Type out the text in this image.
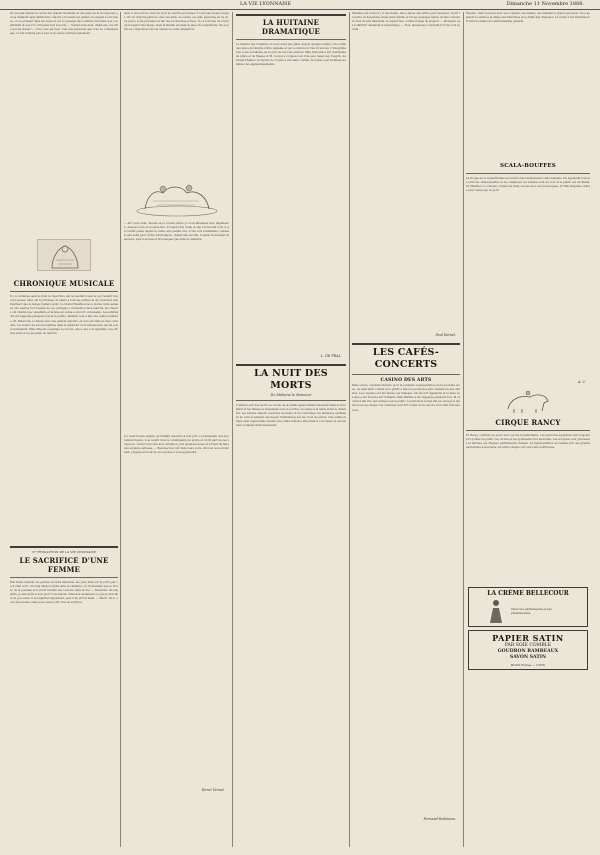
LA VIE LYONNAISE	Dimanche 11 Novembre 1888.
On pouvait diviser le cercle des grands mondains et des gens de la bourgeoisie qui se mêlaient sans distinction; chacun y trouvait son plaisir, on causait à voix basse, on se pressait dans les loges et sur le passage des toilettes nouvelles que l'on admirait et que l'on critiquait tout à la fois. — Voulez-vous bien, disait-elle, me dire qui est là-bas? — Il ne vous est rien, c'est une personne que vous ne connaissez pas. Le bal s'anima peu à peu et la soirée s'acheva gaiement.
CHRONIQUE MUSICALE
Il y a certaines œuvres dont le répertoire qui ne saurait s'user et qui restent toujours jeunes; elles ont le privilège de plaire à tous les publics et de conserver une fraîcheur que le temps n'altère point. Le Grand-Théâtre nous a donné cette semaine une reprise fort soignée de ces ouvrages, l'orchestre a bien marché, les chœurs ont chanté avec ensemble et la mise en scène a été fort convenable. Les artistes ont été rappelés plusieurs fois et le public, satisfait, leur a fait une ovation méritée. M. Delaroche a chanté avec une grande autorité, sa voix est belle et bien conduite; il a obtenu un succès légitime dans le grand air du troisième acte qui lui a été redemandé. Mme Huguet a partagé ce succès, elle a une voix agréable, une diction juste et un jeu plein de naturel.
N° FEUILLETON DE LA VIE LYONNAISE
LE SACRIFICE D'UNE FEMME
Elle avait entendu ces paroles et resta immobile, les yeux fixés sur la porte par où il était sorti. Un long silence régna dans la chambre; on n'entendait que le tic-tac de la pendule et le bruit lointain des voitures dans la rue. — Monsieur, dit-elle enfin, je suis prête à tout pour vous sauver; dites-moi seulement ce que je dois faire et je le ferai. Il la regarda longuement, puis il lui prit la main. — Merci, dit-il, vous êtes bonne, mais je ne veux point d'un tel sacrifice.
midi, il est sorti de chez lui pour se rendre au bureau; il n'est pas revenu depuis. On l'a cherché partout, chez ses amis, au cercle, au café; personne ne l'a vu. La police a été prévenue et fait des recherches actives. Il y a tout lieu de croire qu'il s'agit d'une fugue, mais la famille est dans la plus vive inquiétude. On se perd en conjectures sur les causes de cette disparition.
— Ah! vous voilà, dit-elle en le voyant entrer; je vous attendais avec impatience. Asseyez-vous et écoutez-moi. Il s'assit près d'elle et elle lui raconta tout ce qui s'était passé depuis la veille; elle parlait vite, d'une voix tremblante, comme si elle avait peur d'être interrompue. Quand elle eut fini, il resta un moment silencieux, puis il se leva et fit quelques pas dans la chambre.
Il y avait là une énigme qu'il fallait résoudre à tout prix. Le lendemain, dès la première heure, il se rendit chez le commissaire de police et lui fit part de ses soupçons. Celui-ci l'écouta avec attention, prit quelques notes et promit de faire une enquête sérieuse. — Revenez me voir dans deux jours, dit-il en le reconduisant, j'espère avoir alors du nouveau à vous apprendre.
Henri Vernet.
LA HUITAINE DRAMATIQUE
Le théâtre des Célestins ne nous avait pas gâtés depuis quelque temps; voici enfin une pièce qui mérite d'être signalée et qui a obtenu un très vif succès. L'interprétation a été excellente de la part de tous les artistes; Mlle Dubreuil a été charmante de grâce et de finesse et M. Louvet a composé son rôle avec beaucoup d'esprit. Au Grand-Théâtre, la reprise de l'opéra a fait salle comble; la soirée s'est terminée au milieu des applaudissements.
L. DE PRAL.
LA NUIT DES MORTS
De Mélaine le Bonneur
C'était le soir des morts; la cloche de la vieille église tintait lentement dans le brouillard et les fidèles se pressaient sous le porche, un cierge à la main. Dans le cimetière, les tombes étaient couvertes de fleurs et de couronnes; les lanternes vacillaient au vent et jetaient des lueurs tremblantes sur les croix de pierre. Une vieille femme était agenouillée devant une tombe fraîche; elle priait à voix basse et ses larmes coulaient silencieusement.
Madame est sortie il y a une heure, elle a laissé une lettre pour monsieur. Il prit la lettre, la décacheta d'une main fébrile et lut les quelques lignes qu'elle contenait. Puis il resta immobile, le regard fixe, comme frappé de stupeur. — Monsieur est souffrant? demanda le domestique. — Non, laissez-moi, répondit-il d'une voix sourde.
Paul Reinel.
LES CAFÉS-CONCERTS
CASINO DES ARTS
Belle soirée, vendredi dernier, pour la première représentation de la nouvelle revue. La salle était comble et le public a fait un accueil des plus chaleureux aux artistes. Les couplets ont été bissés, les tableaux ont été fort applaudis et la mise en scène a été trouvée fort brillante. Mlle Marthe a été rappelée plusieurs fois; M. Dorval a fait rire aux larmes tout le public. La direction a bien fait les choses et mérite tous nos éloges; les costumes sont fort riches et les décors d'un effet très heureux.
Fernand Robinson.
Ensuite, vient la revue avec ses couplets, ses ballets, ses tableaux à grand spectacle. On a applaudi à outrance la danse des Pierrettes et le défilé des drapeaux. La soirée s'est terminée fort tard au milieu de l'enthousiasme général.
SCALA-BOUFFES
La troupe de la Scala-Bouffes se montre très remarquable cette semaine. On applaudit tous les soirs les chansonnettes et les romances; les artistes sont en voix et le public est enchanté. M. Maridet, le comique, obtient un franc succès avec ses monologues, et Mlle Delphine chante avec beaucoup de goût.
A. C.
CIRQUE RANCY
M. Rancy continue de jouer avec succès la pantomime. Les exercices équestres sont toujours fort goûtés du public; les clowns et les gymnastes font merveille. Les écuyères sont gracieuses et hardies, les chevaux parfaitement dressés. La représentation se termine par une grande pantomime à spectacle qui attire chaque soir une foule nombreuse.
LA CRÈME BELLECOUR
Chez les parfumeurs et les pharmaciens
PAPIER SATIN
PAR SOIE COMBLE
GOUDRON RAMBEAUX
SAVON SATIN
ROUX Frères — LYON
